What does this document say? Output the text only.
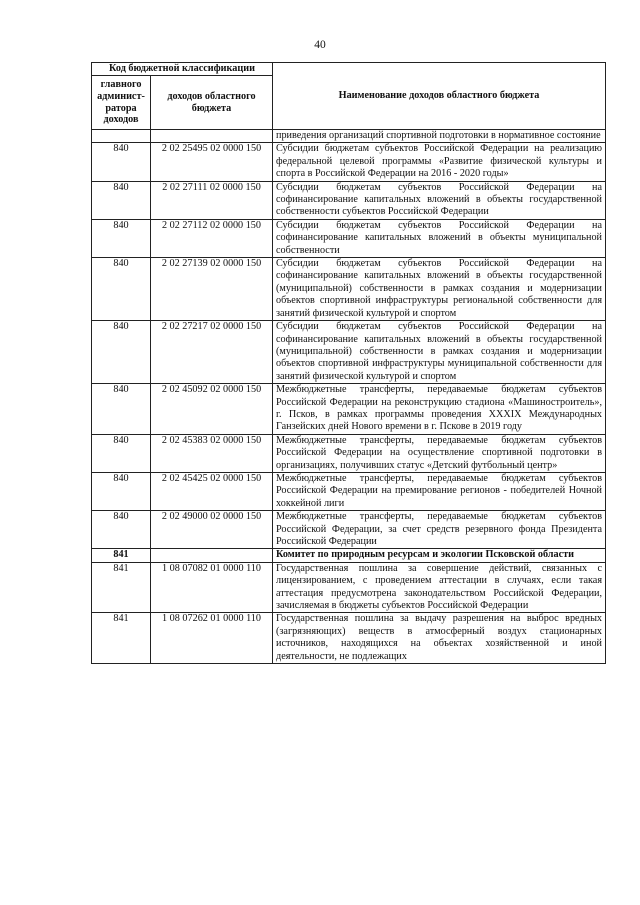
40
Код бюджетной классификации		Наименование доходов областного бюджета
главного админист-ратора доходов	доходов областного бюджета	
		приведения организаций спортивной подготовки в нормативное состояние
840	2 02 25495 02 0000 150	Субсидии бюджетам субъектов Российской Федерации на реализацию федеральной целевой программы «Развитие физической культуры и спорта в Российской Федерации на 2016 - 2020 годы»
840	2 02 27111 02 0000 150	Субсидии бюджетам субъектов Российской Федерации на софинансирование капитальных вложений в объекты государственной собственности субъектов Российской Федерации
840	2 02 27112 02 0000 150	Субсидии бюджетам субъектов Российской Федерации на софинансирование капитальных вложений в объекты муниципальной собственности
840	2 02 27139 02 0000 150	Субсидии бюджетам субъектов Российской Федерации на софинансирование капитальных вложений в объекты государственной (муниципальной) собственности в рамках создания и модернизации объектов спортивной инфраструктуры региональной собственности для занятий физической культурой и спортом
840	2 02 27217 02 0000 150	Субсидии бюджетам субъектов Российской Федерации на софинансирование капитальных вложений в объекты государственной (муниципальной) собственности в рамках создания и модернизации объектов спортивной инфраструктуры муниципальной собственности для занятий физической культурой и спортом
840	2 02 45092 02 0000 150	Межбюджетные трансферты, передаваемые бюджетам субъектов Российской Федерации на реконструкцию стадиона «Машиностроитель», г. Псков, в рамках программы проведения XXXIX Международных Ганзейских дней Нового времени в г. Пскове в 2019 году
840	2 02 45383 02 0000 150	Межбюджетные трансферты, передаваемые бюджетам субъектов Российской Федерации на осуществление спортивной подготовки в организациях, получивших статус «Детский футбольный центр»
840	2 02 45425 02 0000 150	Межбюджетные трансферты, передаваемые бюджетам субъектов Российской Федерации на премирование регионов - победителей Ночной хоккейной лиги
840	2 02 49000 02 0000 150	Межбюджетные трансферты, передаваемые бюджетам субъектов Российской Федерации, за счет средств резервного фонда Президента Российской Федерации
841		Комитет по природным ресурсам и экологии Псковской области
841	1 08 07082 01 0000 110	Государственная пошлина за совершение действий, связанных с лицензированием, с проведением аттестации в случаях, если такая аттестация предусмотрена законодательством Российской Федерации, зачисляемая в бюджеты субъектов Российской Федерации
841	1 08 07262 01 0000 110	Государственная пошлина за выдачу разрешения на выброс вредных (загрязняющих) веществ в атмосферный воздух стационарных источников, находящихся на объектах хозяйственной и иной деятельности, не подлежащих
